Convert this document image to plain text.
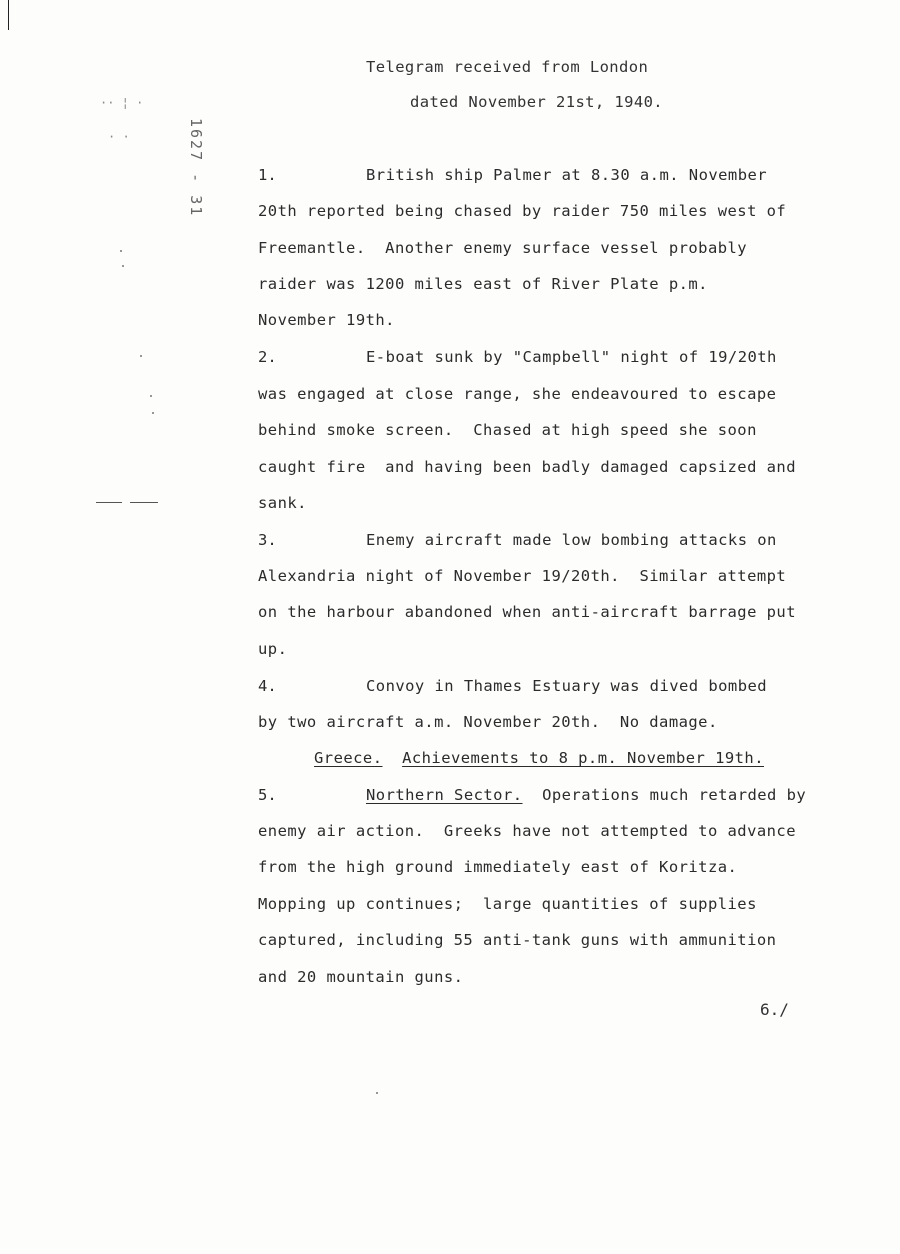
·· ¦ ·
· ·	1627 - 31
Telegram received from London
dated November 21st, 1940.
1.	British ship Palmer at 8.30 a.m. November
20th reported being chased by raider 750 miles west of
Freemantle.  Another enemy surface vessel probably
raider was 1200 miles east of River Plate p.m.
November 19th.
2.	E-boat sunk by "Campbell" night of 19/20th
was engaged at close range, she endeavoured to escape
behind smoke screen.  Chased at high speed she soon
caught fire  and having been badly damaged capsized and
sank.
3.	Enemy aircraft made low bombing attacks on
Alexandria night of November 19/20th.  Similar attempt
on the harbour abandoned when anti-aircraft barrage put
up.
4.	Convoy in Thames Estuary was dived bombed
by two aircraft a.m. November 20th.  No damage.
Greece. Achievements to 8 p.m. November 19th.
5.	Northern Sector.  Operations much retarded by
enemy air action.  Greeks have not attempted to advance
from the high ground immediately east of Koritza.
Mopping up continues;  large quantities of supplies
captured, including 55 anti-tank guns with ammunition
and 20 mountain guns.
6./
